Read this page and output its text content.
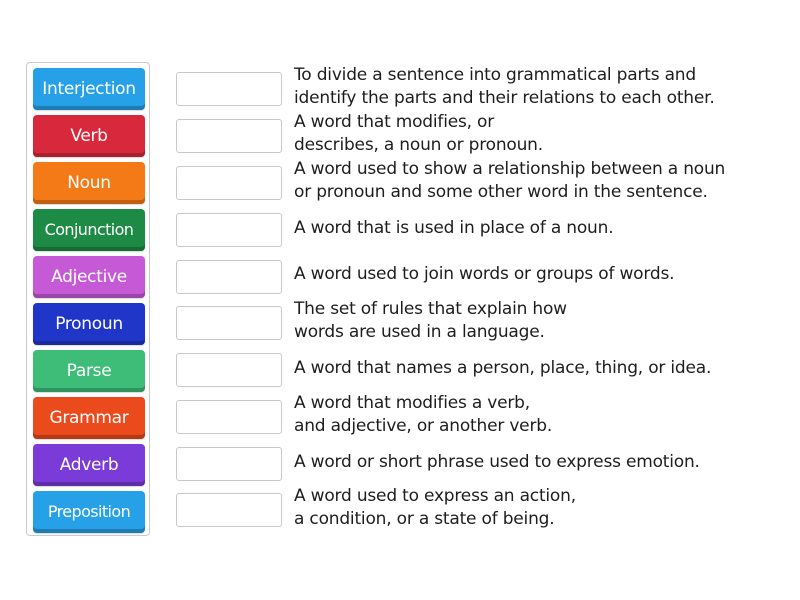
Interjection
Verb
Noun
Conjunction
Adjective
Pronoun
Parse
Grammar
Adverb
Preposition
To divide a sentence into grammatical parts and
identify the parts and their relations to each other.
A word that modifies, or
describes, a noun or pronoun.
A word used to show a relationship between a noun
or pronoun and some other word in the sentence.
A word that is used in place of a noun.
A word used to join words or groups of words.
The set of rules that explain how
words are used in a language.
A word that names a person, place, thing, or idea.
A word that modifies a verb,
and adjective, or another verb.
A word or short phrase used to express emotion.
A word used to express an action,
a condition, or a state of being.
